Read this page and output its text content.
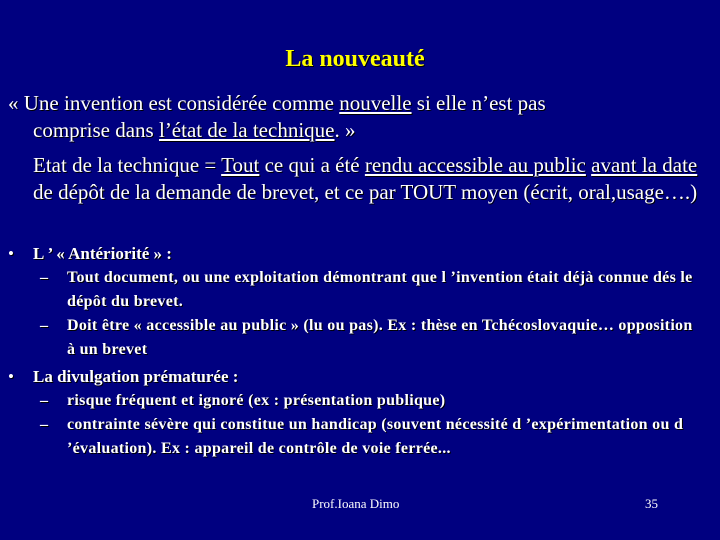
La nouveauté
« Une invention est considérée comme nouvelle si elle n’est pas
comprise dans l’état de la technique. »
Etat de la technique = Tout ce qui a été rendu accessible au public avant la date de dépôt de la demande de brevet, et ce par TOUT moyen (écrit, oral,usage….)
• L ’ « Antériorité » :
– Tout document, ou une exploitation démontrant que l ’invention était déjà connue dés le dépôt du brevet.
– Doit être « accessible au public » (lu ou pas). Ex : thèse en Tchécoslovaquie… opposition à un brevet
• La divulgation prématurée :
– risque fréquent et ignoré (ex : présentation publique)
– contrainte sévère qui constitue un handicap (souvent nécessité d ’expérimentation ou d ’évaluation). Ex : appareil de contrôle de voie ferrée...
Prof.Ioana Dimo	35
